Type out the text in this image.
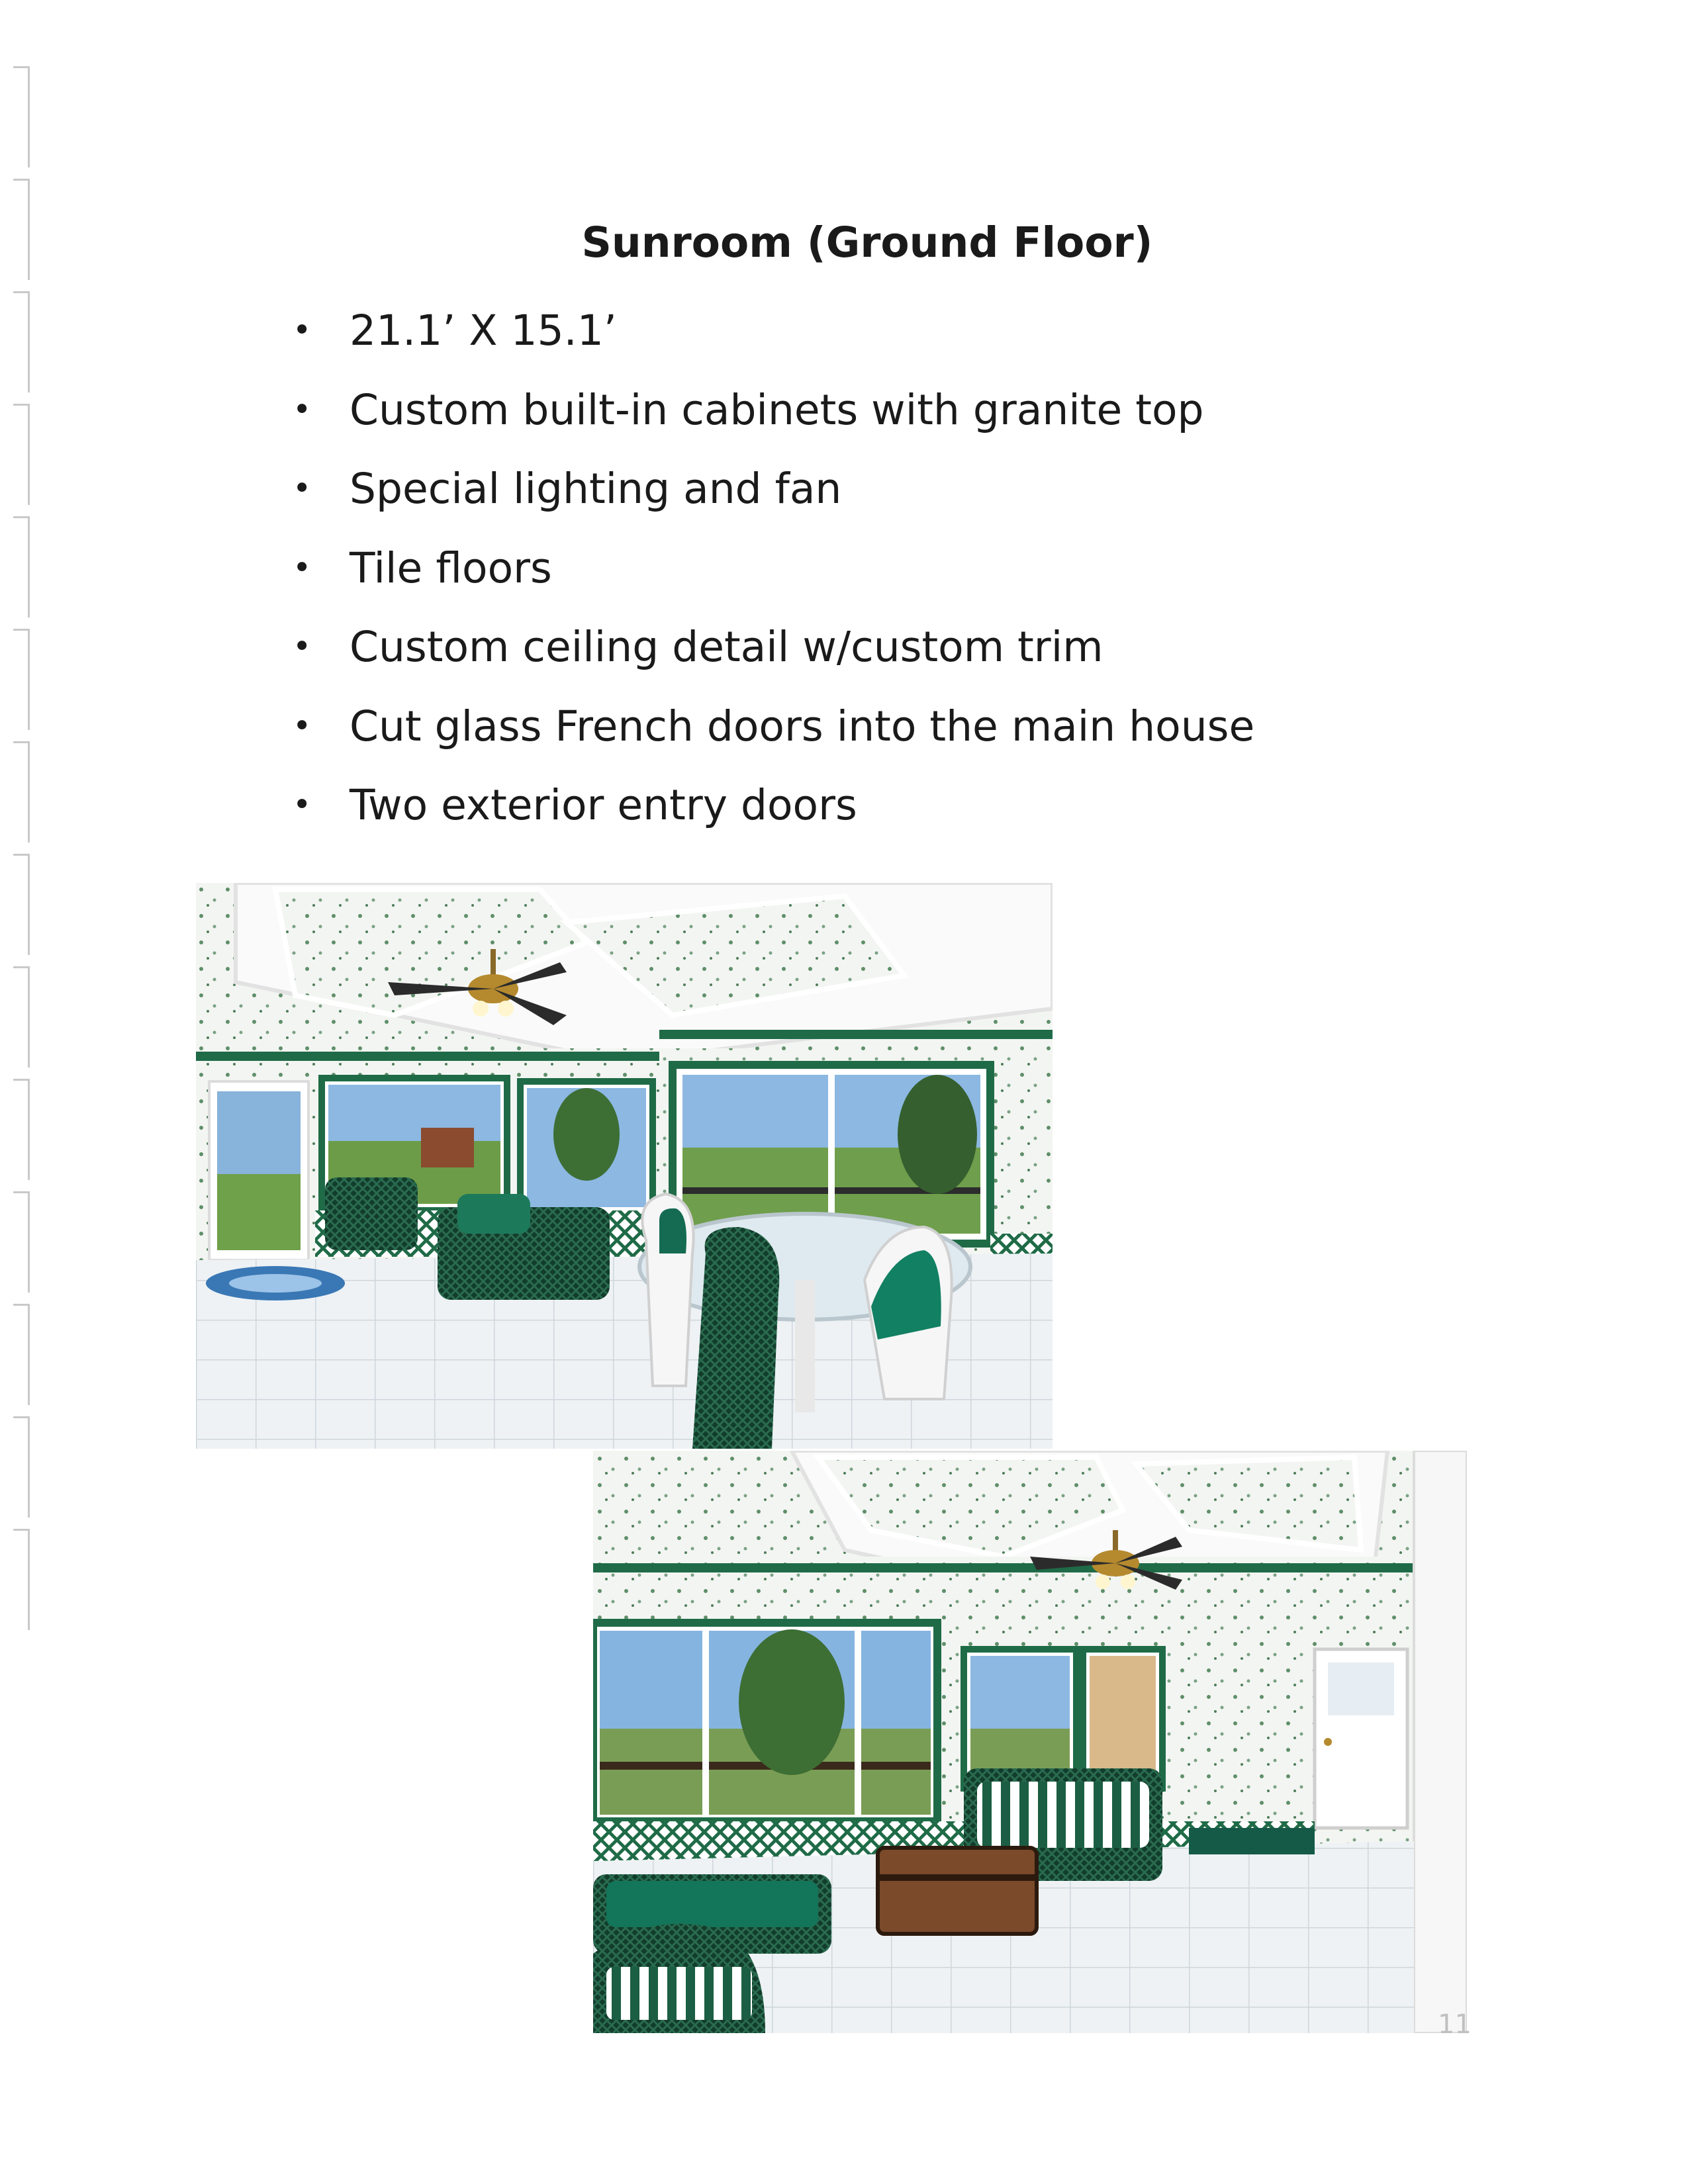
Sunroom (Ground Floor)
• 21.1’ X 15.1’
• Custom built-in cabinets with granite top
• Special lighting and fan
• Tile floors
• Custom ceiling detail w/custom trim
• Cut glass French doors into the main house
• Two exterior entry doors
11
